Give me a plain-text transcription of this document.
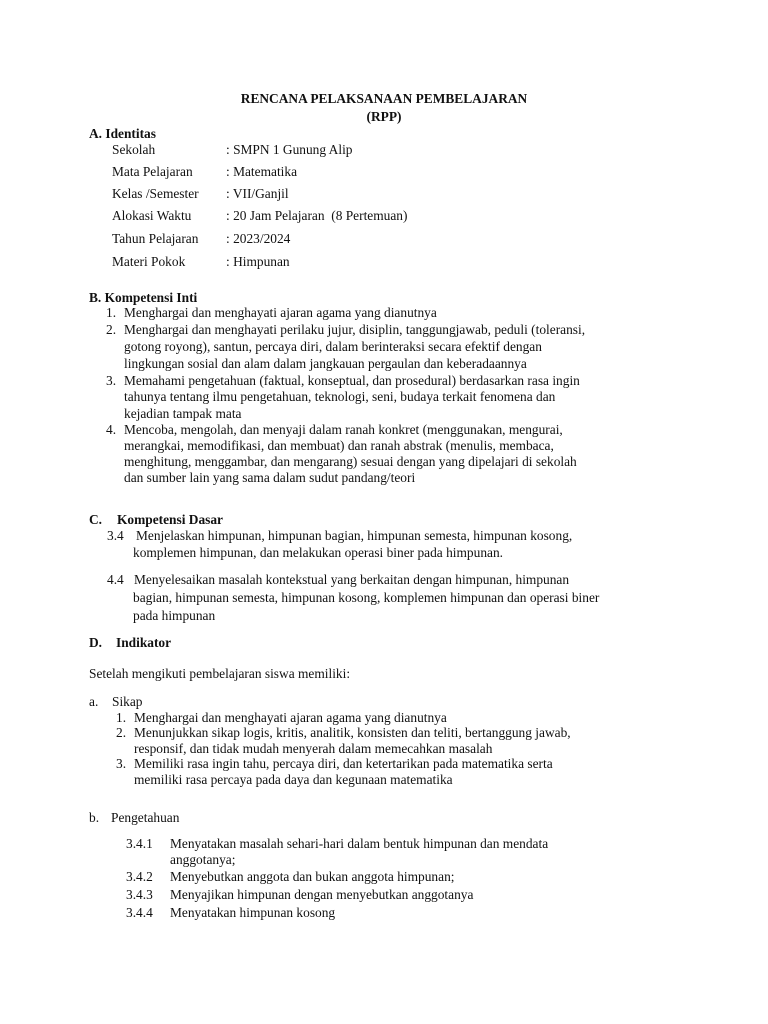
RENCANA PELAKSANAAN PEMBELAJARAN
(RPP)
A. Identitas
Sekolah	: SMPN 1 Gunung Alip
Mata Pelajaran : Matematika
Kelas /Semester : VII/Ganjil
Alokasi Waktu	: 20 Jam Pelajaran  (8 Pertemuan)
Tahun Pelajaran : 2023/2024
Materi Pokok	: Himpunan
B. Kompetensi Inti
1. Menghargai dan menghayati ajaran agama yang dianutnya
2. Menghargai dan menghayati perilaku jujur, disiplin, tanggungjawab, peduli (toleransi,
gotong royong), santun, percaya diri, dalam berinteraksi secara efektif dengan
lingkungan sosial dan alam dalam jangkauan pergaulan dan keberadaannya
3. Memahami pengetahuan (faktual, konseptual, dan prosedural) berdasarkan rasa ingin
tahunya tentang ilmu pengetahuan, teknologi, seni, budaya terkait fenomena dan
kejadian tampak mata
4. Mencoba, mengolah, dan menyaji dalam ranah konkret (menggunakan, mengurai,
merangkai, memodifikasi, dan membuat) dan ranah abstrak (menulis, membaca,
menghitung, menggambar, dan mengarang) sesuai dengan yang dipelajari di sekolah
dan sumber lain yang sama dalam sudut pandang/teori
C. Kompetensi Dasar
3.4 Menjelaskan himpunan, himpunan bagian, himpunan semesta, himpunan kosong,
komplemen himpunan, dan melakukan operasi biner pada himpunan.
4.4 Menyelesaikan masalah kontekstual yang berkaitan dengan himpunan, himpunan
bagian, himpunan semesta, himpunan kosong, komplemen himpunan dan operasi biner
pada himpunan
D. Indikator
Setelah mengikuti pembelajaran siswa memiliki:
a. Sikap
1. Menghargai dan menghayati ajaran agama yang dianutnya
2. Menunjukkan sikap logis, kritis, analitik, konsisten dan teliti, bertanggung jawab,
responsif, dan tidak mudah menyerah dalam memecahkan masalah
3. Memiliki rasa ingin tahu, percaya diri, dan ketertarikan pada matematika serta
memiliki rasa percaya pada daya dan kegunaan matematika
b. Pengetahuan
3.4.1 Menyatakan masalah sehari-hari dalam bentuk himpunan dan mendata
anggotanya;
3.4.2 Menyebutkan anggota dan bukan anggota himpunan;
3.4.3 Menyajikan himpunan dengan menyebutkan anggotanya
3.4.4 Menyatakan himpunan kosong
